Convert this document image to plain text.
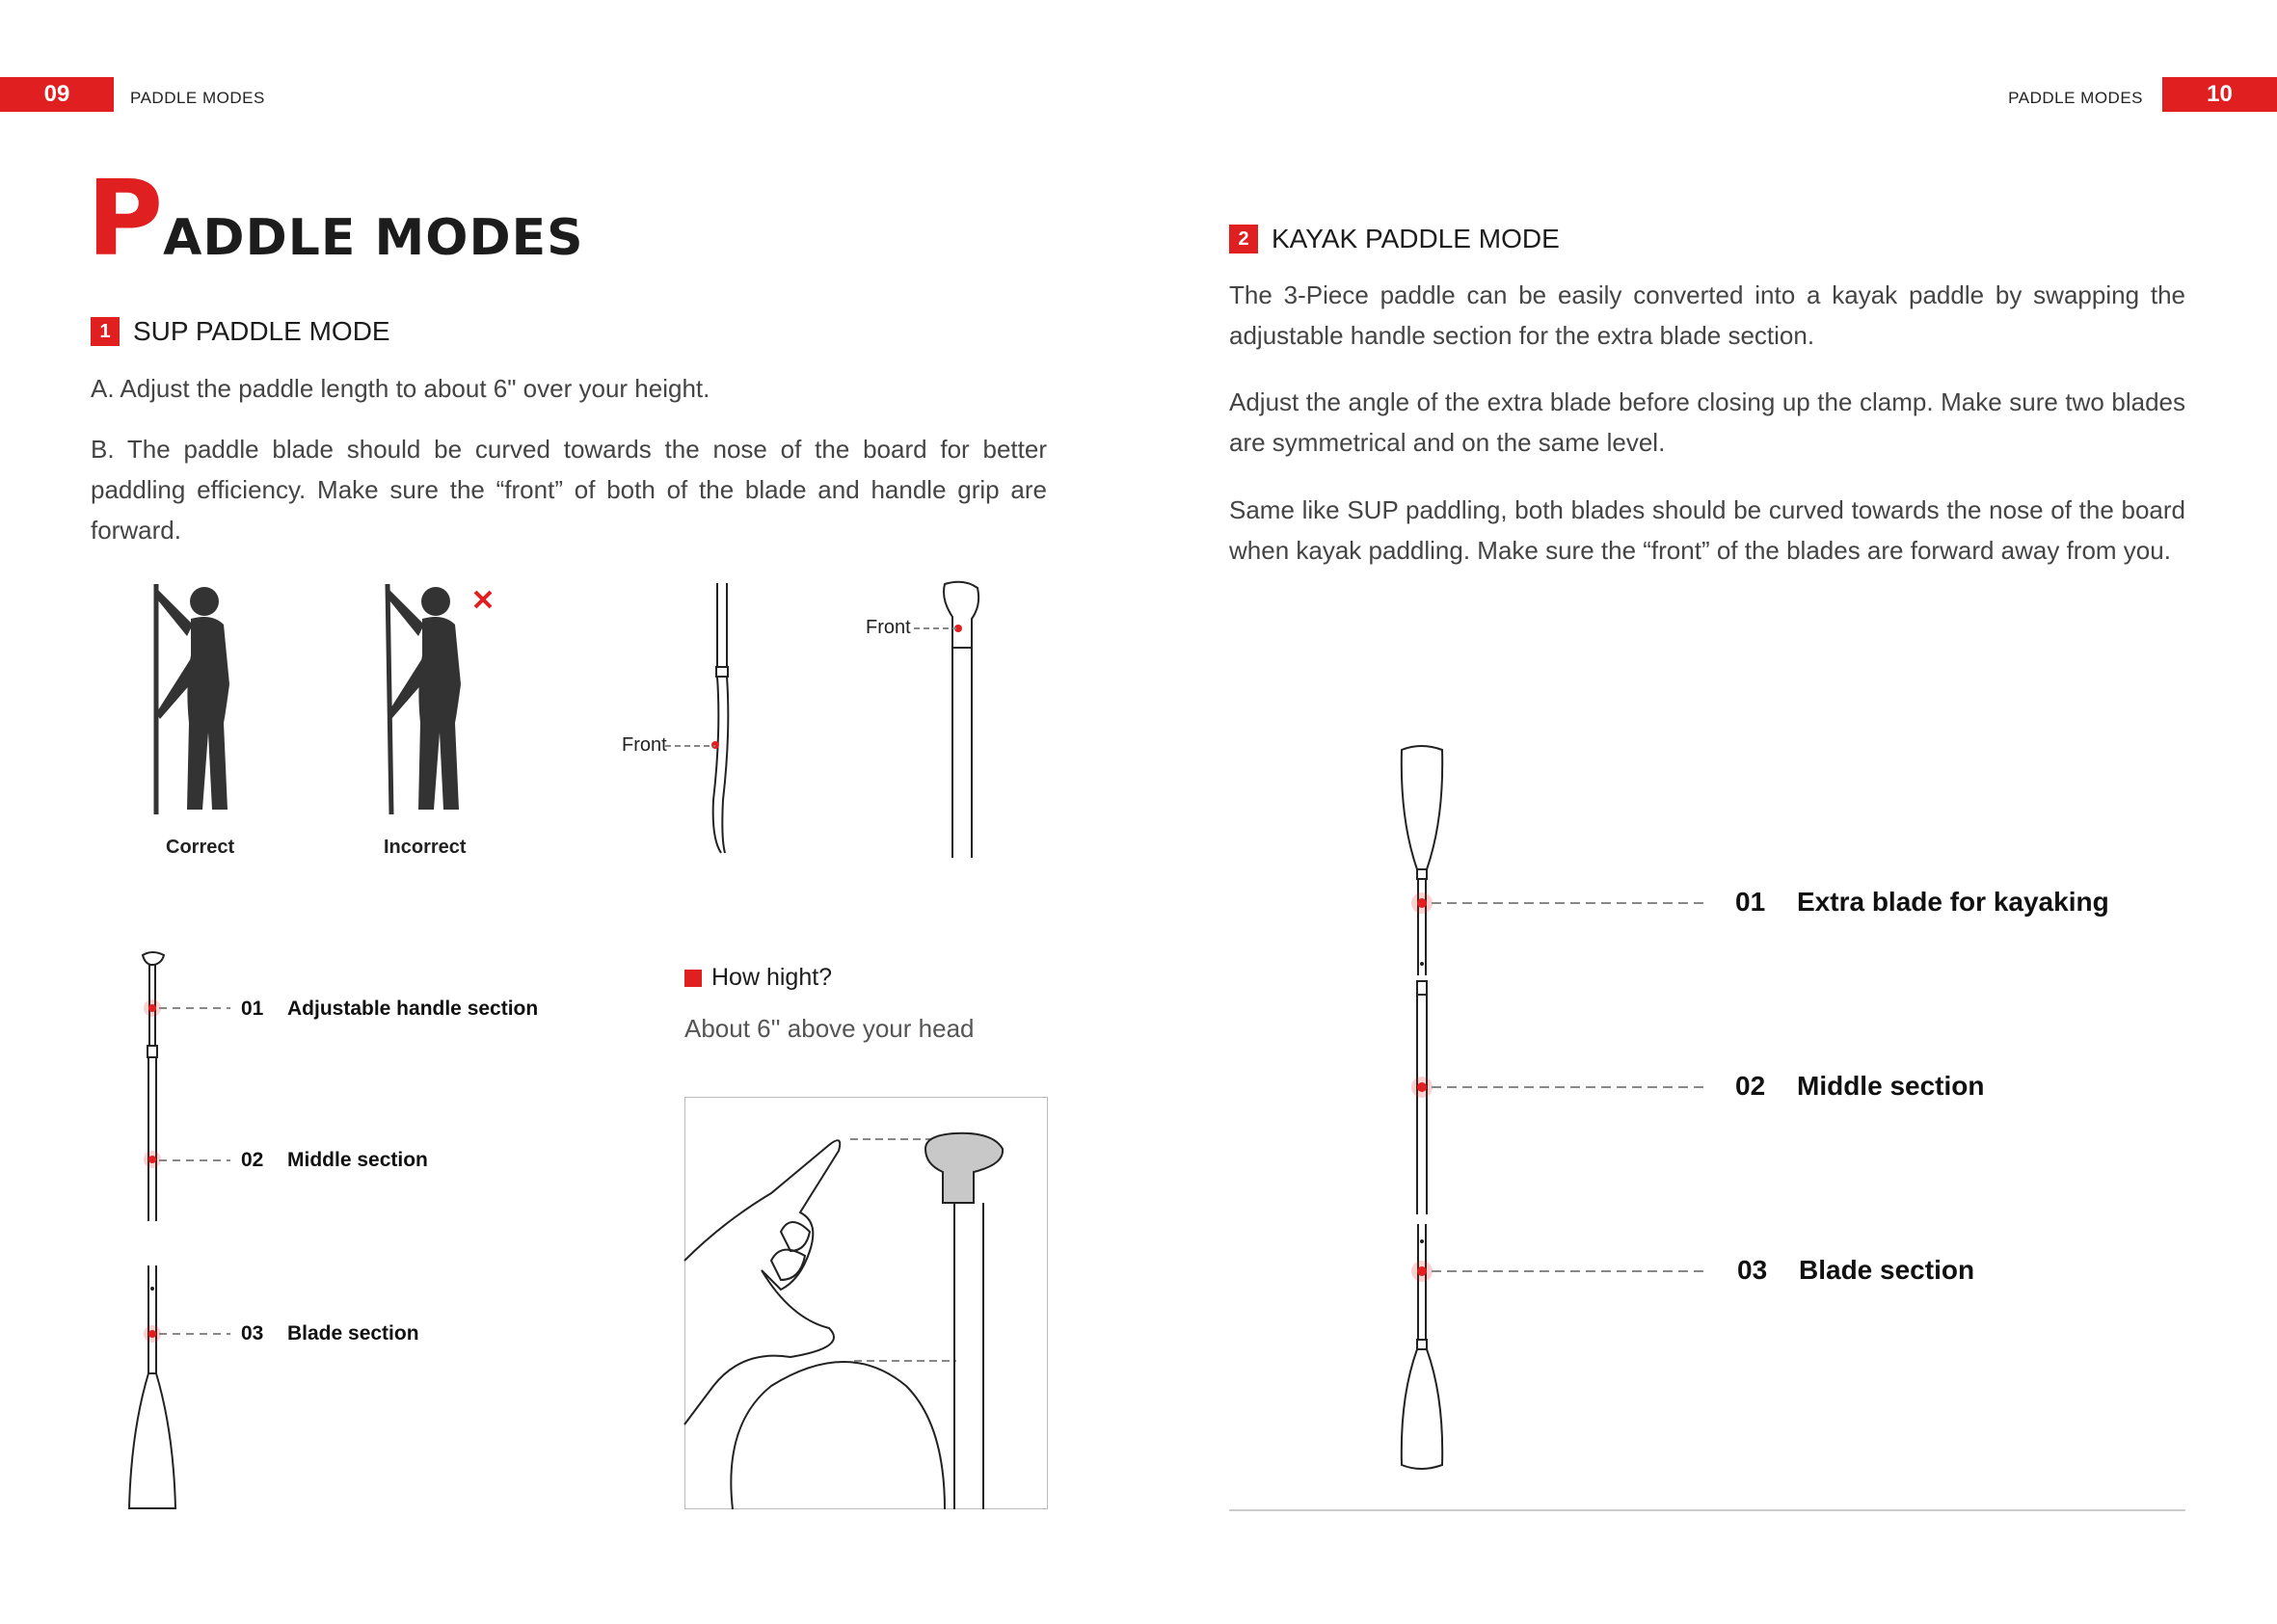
09	PADDLE MODES	PADDLE MODES	10
PADDLE MODES
1 SUP PADDLE MODE

A. Adjust the paddle length to about 6" over your height.

B. The paddle blade should be curved towards the nose of the board for better paddling efficiency. Make sure the “front” of both of the blade and handle grip are forward.

Correct	Incorrect
Front
Front
01 Adjustable handle section
02 Middle section
03 Blade section
How hight?
About 6'' above your head
2 KAYAK PADDLE MODE

The 3-Piece paddle can be easily converted into a kayak paddle by swapping the adjustable handle section for the extra blade section.

Adjust the angle of the extra blade before closing up the clamp. Make sure two blades are symmetrical and on the same level.

Same like SUP paddling, both blades should be curved towards the nose of the board when kayak paddling. Make sure the “front” of the blades are forward away from you.

01 Extra blade for kayaking
02 Middle section
03 Blade section
